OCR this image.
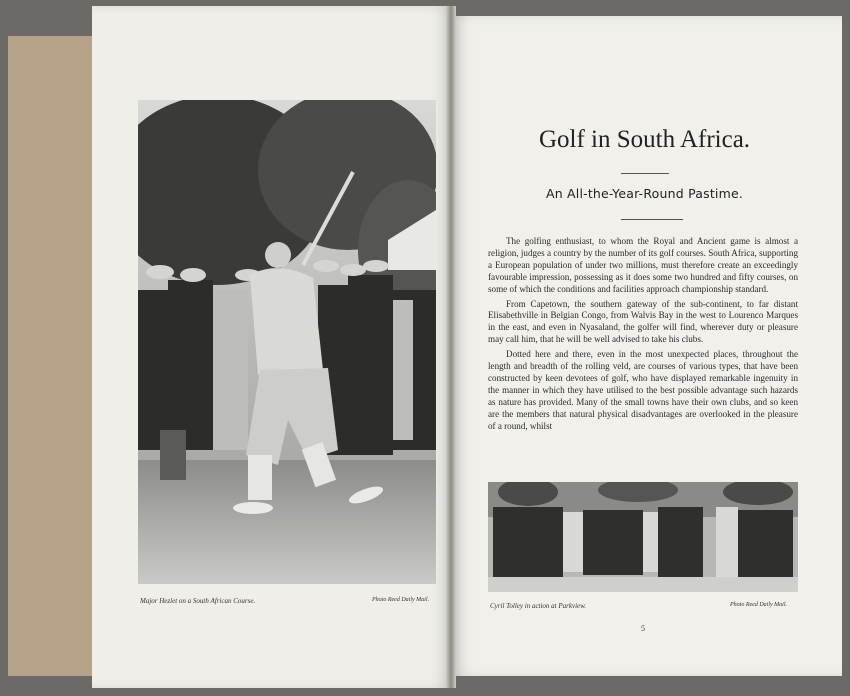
Major Hezlet on a South African Course.	Photo Reed Daily Mail.
Golf in South Africa.
An All-the-Year-Round Pastime.

The golfing enthusiast, to whom the Royal and Ancient game is almost a religion, judges a country by the number of its golf courses. South Africa, supporting a European population of under two millions, must therefore create an exceedingly favourable impression, possessing as it does some two hundred and fifty courses, on some of which the conditions and facilities approach championship standard.

From Capetown, the southern gateway of the sub-continent, to far distant Elisabethville in Belgian Congo, from Walvis Bay in the west to Lourenco Marques in the east, and even in Nyasaland, the golfer will find, wherever duty or pleasure may call him, that he will be well advised to take his clubs.

Dotted here and there, even in the most unexpected places, throughout the length and breadth of the rolling veld, are courses of various types, that have been constructed by keen devotees of golf, who have displayed remarkable ingenuity in the manner in which they have utilised to the best possible advantage such hazards as nature has provided. Many of the small towns have their own clubs, and so keen are the members that natural physical disadvantages are overlooked in the pleasure of a round, whilst

Cyril Tolley in action at Parkview.	Photo Reed Daily Mail.
5
